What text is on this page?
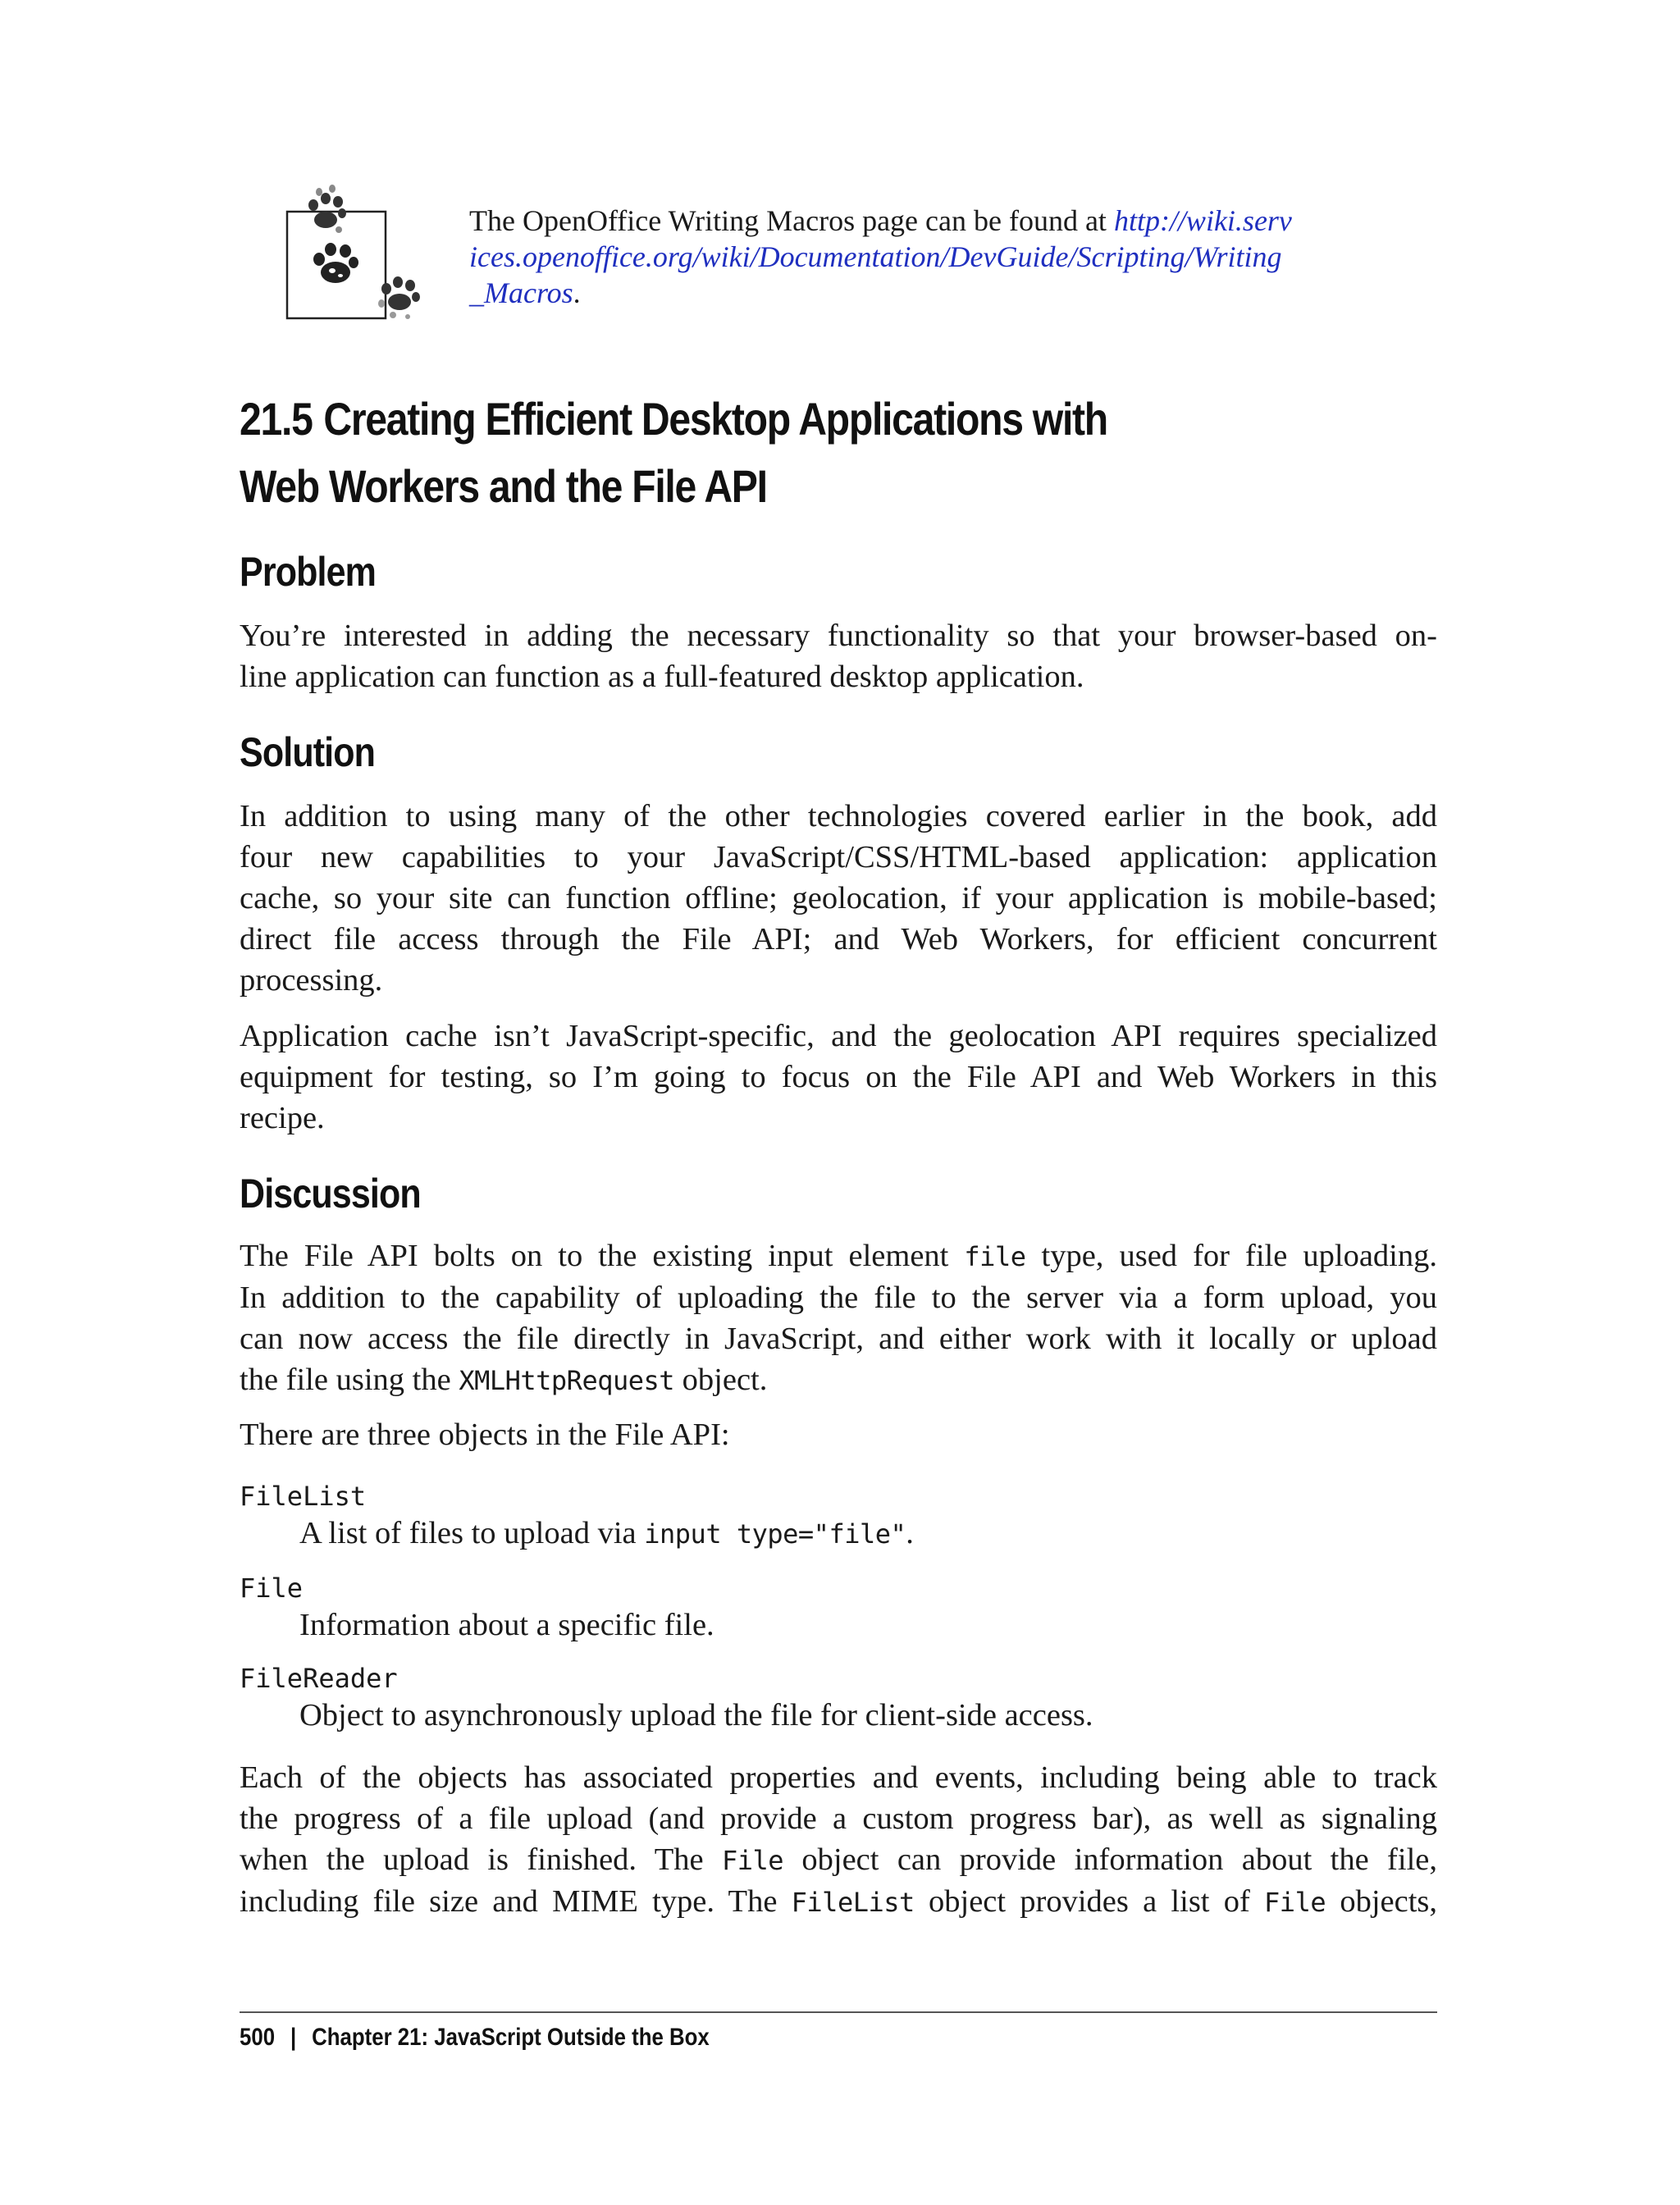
The OpenOffice Writing Macros page can be found at http://wiki.serv
ices.openoffice.org/wiki/Documentation/DevGuide/Scripting/Writing
_Macros.
21.5 Creating Efficient Desktop Applications with
Web Workers and the File API
Problem

You’re interested in adding the necessary functionality so that your browser-based on-
line application can function as a full-featured desktop application.

Solution

In addition to using many of the other technologies covered earlier in the book, add
four new capabilities to your JavaScript/CSS/HTML-based application: application
cache, so your site can function offline; geolocation, if your application is mobile-based;
direct file access through the File API; and Web Workers, for efficient concurrent
processing.

Application cache isn’t JavaScript-specific, and the geolocation API requires specialized
equipment for testing, so I’m going to focus on the File API and Web Workers in this
recipe.

Discussion

The File API bolts on to the existing input element file type, used for file uploading.
In addition to the capability of uploading the file to the server via a form upload, you
can now access the file directly in JavaScript, and either work with it locally or upload
the file using the XMLHttpRequest object.

There are three objects in the File API:

FileList
A list of files to upload via input type="file".
File
Information about a specific file.
FileReader
Object to asynchronously upload the file for client-side access.

Each of the objects has associated properties and events, including being able to track
the progress of a file upload (and provide a custom progress bar), as well as signaling
when the upload is finished. The File object can provide information about the file,
including file size and MIME type. The FileList object provides a list of File objects,

500 | Chapter 21: JavaScript Outside the Box
